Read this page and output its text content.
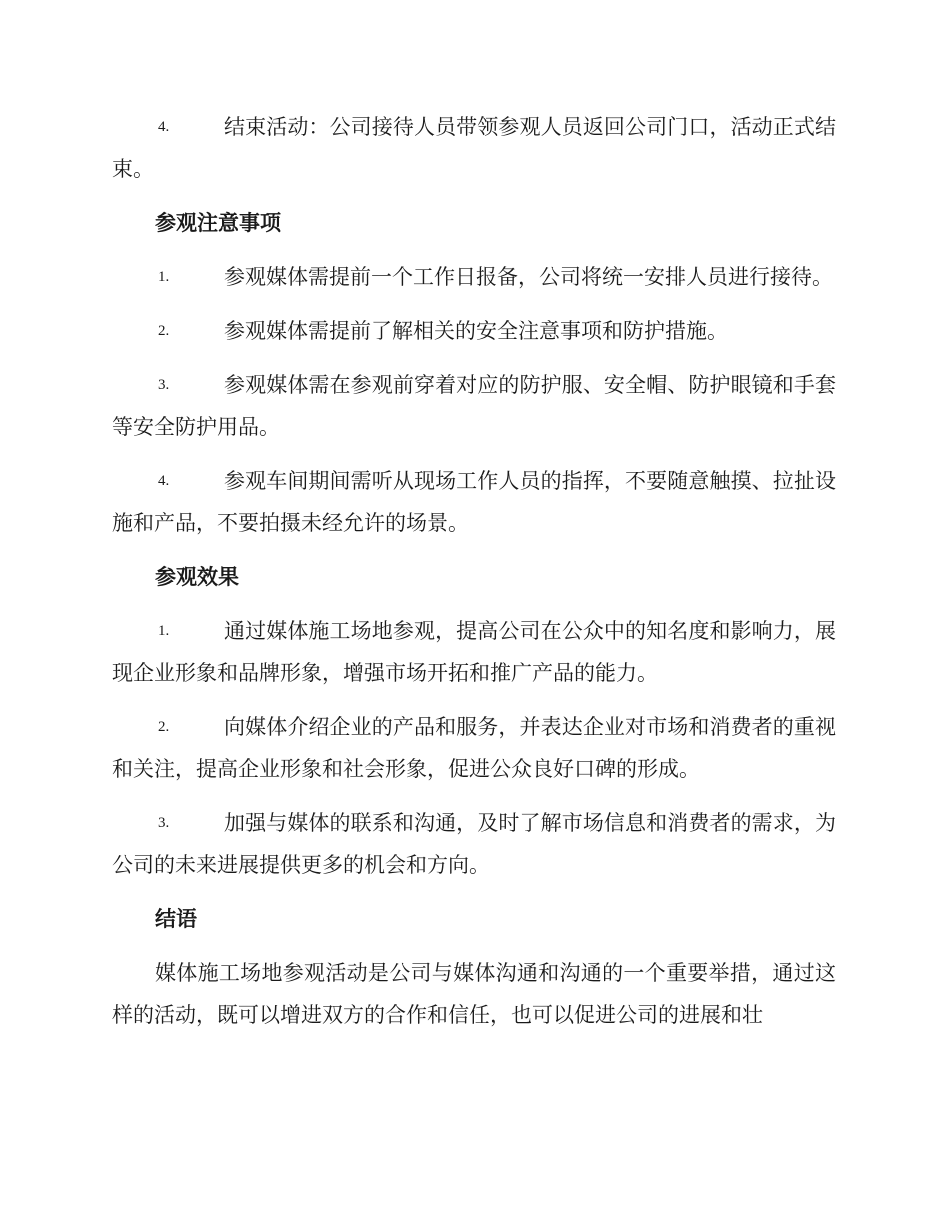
4.	结束活动：公司接待人员带领参观人员返回公司门口，活动正式结束。
参观注意事项
1.	参观媒体需提前一个工作日报备，公司将统一安排人员进行接待。
2.	参观媒体需提前了解相关的安全注意事项和防护措施。
3.	参观媒体需在参观前穿着对应的防护服、安全帽、防护眼镜和手套等安全防护用品。
4.	参观车间期间需听从现场工作人员的指挥，不要随意触摸、拉扯设施和产品，不要拍摄未经允许的场景。
参观效果
1.	通过媒体施工场地参观，提高公司在公众中的知名度和影响力，展现企业形象和品牌形象，增强市场开拓和推广产品的能力。
2.	向媒体介绍企业的产品和服务，并表达企业对市场和消费者的重视和关注，提高企业形象和社会形象，促进公众良好口碑的形成。
3.	加强与媒体的联系和沟通，及时了解市场信息和消费者的需求，为公司的未来进展提供更多的机会和方向。
结语

媒体施工场地参观活动是公司与媒体沟通和沟通的一个重要举措，通过这样的活动，既可以增进双方的合作和信任，也可以促进公司的进展和壮
